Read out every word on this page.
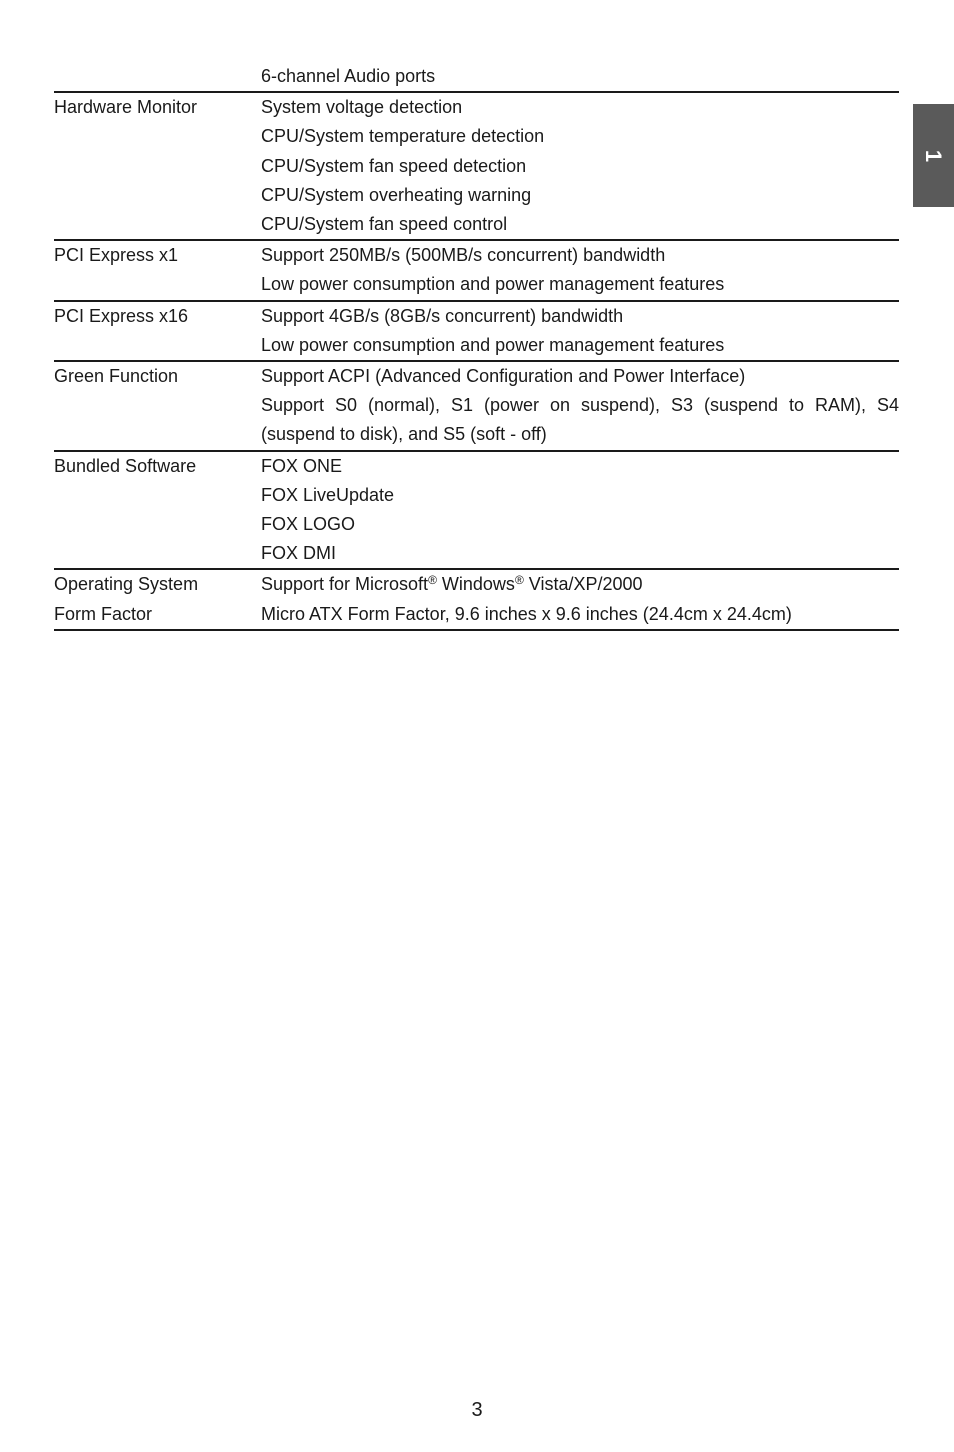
1
6-channel Audio ports
Hardware Monitor	System voltage detection
CPU/System temperature detection
CPU/System fan speed detection
CPU/System overheating warning
CPU/System fan speed control
PCI Express x1	Support 250MB/s (500MB/s concurrent) bandwidth
Low power consumption and power management features
PCI Express x16	Support 4GB/s (8GB/s concurrent) bandwidth
Low power consumption and power management features
Green Function	Support ACPI (Advanced Configuration and Power Interface)
Support S0 (normal), S1 (power on suspend), S3 (suspend to RAM), S4 (suspend to disk), and S5 (soft - off)
Bundled Software	FOX ONE
FOX LiveUpdate
FOX LOGO
FOX DMI
Operating System	Support for Microsoft® Windows® Vista/XP/2000
Form Factor	Micro ATX Form Factor, 9.6 inches x 9.6 inches (24.4cm x 24.4cm)
3
